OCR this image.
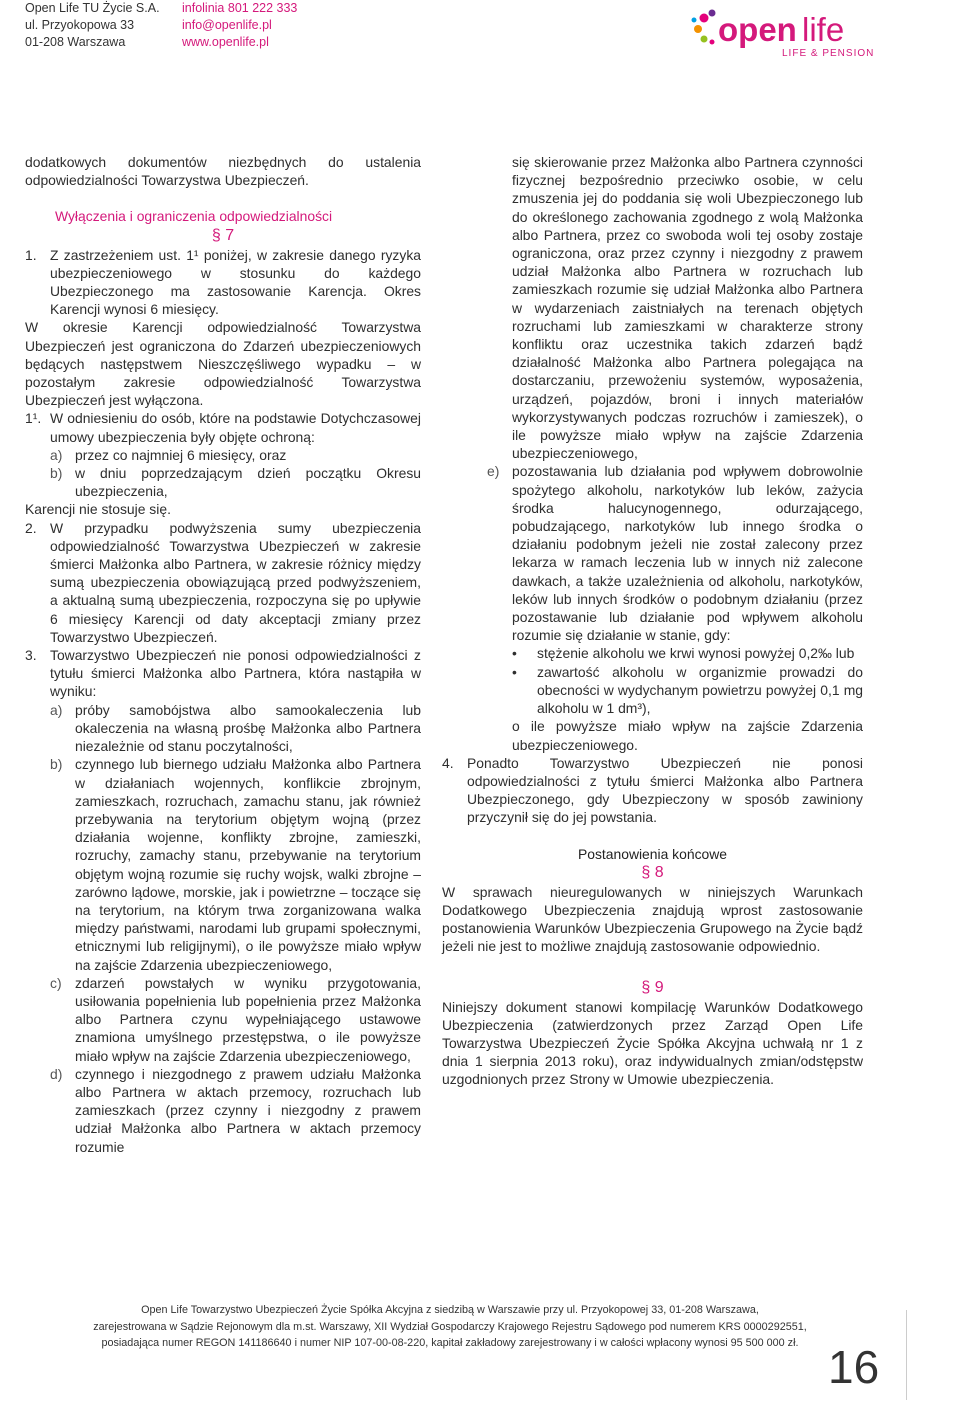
Open Life TU Życie S.A.
ul. Przyokopowa 33
01-208 Warszawa
infolinia 801 222 333
info@openlife.pl
www.openlife.pl	open life
LIFE & PENSION

dodatkowych dokumentów niezbędnych do ustalenia odpowiedzialności Towarzystwa Ubezpieczeń.

Wyłączenia i ograniczenia odpowiedzialności
§ 7
1. Z zastrzeżeniem ust. 1¹ poniżej, w zakresie danego ryzyka ubezpieczeniowego w stosunku do każdego Ubezpieczonego ma zastosowanie Karencja. Okres Karencji wynosi 6 miesięcy.

W okresie Karencji odpowiedzialność Towarzystwa Ubezpieczeń jest ograniczona do Zdarzeń ubezpieczeniowych będących następstwem Nieszczęśliwego wypadku – w pozostałym zakresie odpowiedzialność Towarzystwa Ubezpieczeń jest wyłączona.

1¹. W odniesieniu do osób, które na podstawie Dotychczasowej umowy ubezpieczenia były objęte ochroną:
a) przez co najmniej 6 miesięcy, oraz
b) w dniu poprzedzającym dzień początku Okresu ubezpieczenia,

Karencji nie stosuje się.

2. W przypadku podwyższenia sumy ubezpieczenia odpowiedzialność Towarzystwa Ubezpieczeń w zakresie śmierci Małżonka albo Partnera, w zakresie różnicy między sumą ubezpieczenia obowiązującą przed podwyższeniem, a aktualną sumą ubezpieczenia, rozpoczyna się po upływie 6 miesięcy Karencji od daty akceptacji zmiany przez Towarzystwo Ubezpieczeń.
3. Towarzystwo Ubezpieczeń nie ponosi odpowiedzialności z tytułu śmierci Małżonka albo Partnera, która nastąpiła w wyniku:
a) próby samobójstwa albo samookaleczenia lub okaleczenia na własną prośbę Małżonka albo Partnera niezależnie od stanu poczytalności,
b) czynnego lub biernego udziału Małżonka albo Partnera w działaniach wojennych, konflikcie zbrojnym, zamieszkach, rozruchach, zamachu stanu, jak również przebywania na terytorium objętym wojną (przez działania wojenne, konflikty zbrojne, zamieszki, rozruchy, zamachy stanu, przebywanie na terytorium objętym wojną rozumie się ruchy wojsk, walki zbrojne – zarówno lądowe, morskie, jak i powietrzne – toczące się na terytorium, na którym trwa zorganizowana walka między państwami, narodami lub grupami społecznymi, etnicznymi lub religijnymi), o ile powyższe miało wpływ na zajście Zdarzenia ubezpieczeniowego,
c) zdarzeń powstałych w wyniku przygotowania, usiłowania popełnienia lub popełnienia przez Małżonka albo Partnera czynu wypełniającego ustawowe znamiona umyślnego przestępstwa, o ile powyższe miało wpływ na zajście Zdarzenia ubezpieczeniowego,
d) czynnego i niezgodnego z prawem udziału Małżonka albo Partnera w aktach przemocy, rozruchach lub zamieszkach (przez czynny i niezgodny z prawem udział Małżonka albo Partnera w aktach przemocy rozumie

się skierowanie przez Małżonka albo Partnera czynności fizycznej bezpośrednio przeciwko osobie, w celu zmuszenia jej do poddania się woli Ubezpieczonego lub do określonego zachowania zgodnego z wolą Małżonka albo Partnera, przez co swoboda woli tej osoby zostaje ograniczona, oraz przez czynny i niezgodny z prawem udział Małżonka albo Partnera w rozruchach lub zamieszkach rozumie się udział Małżonka albo Partnera w wydarzeniach zaistniałych na terenach objętych rozruchami lub zamieszkami w charakterze strony konfliktu oraz uczestnika takich zdarzeń bądź działalność Małżonka albo Partnera polegająca na dostarczaniu, przewożeniu systemów, wyposażenia, urządzeń, pojazdów, broni i innych materiałów wykorzystywanych podczas rozruchów i zamieszek), o ile powyższe miało wpływ na zajście Zdarzenia ubezpieczeniowego,

e) pozostawania lub działania pod wpływem dobrowolnie spożytego alkoholu, narkotyków lub leków, zażycia środka halucynogennego, odurzającego, pobudzającego, narkotyków lub innego środka o działaniu podobnym jeżeli nie został zalecony przez lekarza w ramach leczenia lub w innych niż zalecone dawkach, a także uzależnienia od alkoholu, narkotyków, leków lub innych środków o podobnym działaniu (przez pozostawanie lub działanie pod wpływem alkoholu rozumie się działanie w stanie, gdy:
•	stężenie alkoholu we krwi wynosi powyżej 0,2‰ lub
•	zawartość alkoholu w organizmie prowadzi do obecności w wydychanym powietrzu powyżej 0,1 mg alkoholu w 1 dm³),

o ile powyższe miało wpływ na zajście Zdarzenia ubezpieczeniowego.

4. Ponadto Towarzystwo Ubezpieczeń nie ponosi odpowiedzialności z tytułu śmierci Małżonka albo Partnera Ubezpieczonego, gdy Ubezpieczony w sposób zawiniony przyczynił się do jej powstania.
Postanowienia końcowe
§ 8

W sprawach nieuregulowanych w niniejszych Warunkach Dodatkowego Ubezpieczenia znajdują wprost zastosowanie postanowienia Warunków Ubezpieczenia Grupowego na Życie bądź jeżeli nie jest to możliwe znajdują zastosowanie odpowiednio.

§ 9

Niniejszy dokument stanowi kompilację Warunków Dodatkowego Ubezpieczenia (zatwierdzonych przez Zarząd Open Life Towarzystwa Ubezpieczeń Życie Spółka Akcyjna uchwałą nr 1 z dnia 1 sierpnia 2013 roku), oraz indywidualnych zmian/odstępstw uzgodnionych przez Strony w Umowie ubezpieczenia.

Open Life Towarzystwo Ubezpieczeń Życie Spółka Akcyjna z siedzibą w Warszawie przy ul. Przyokopowej 33, 01-208 Warszawa,
zarejestrowana w Sądzie Rejonowym dla m.st. Warszawy, XII Wydział Gospodarczy Krajowego Rejestru Sądowego pod numerem KRS 0000292551,
posiadająca numer REGON 141186640 i numer NIP 107-00-08-220, kapitał zakładowy zarejestrowany i w całości wpłacony wynosi 95 500 000 zł. 16
